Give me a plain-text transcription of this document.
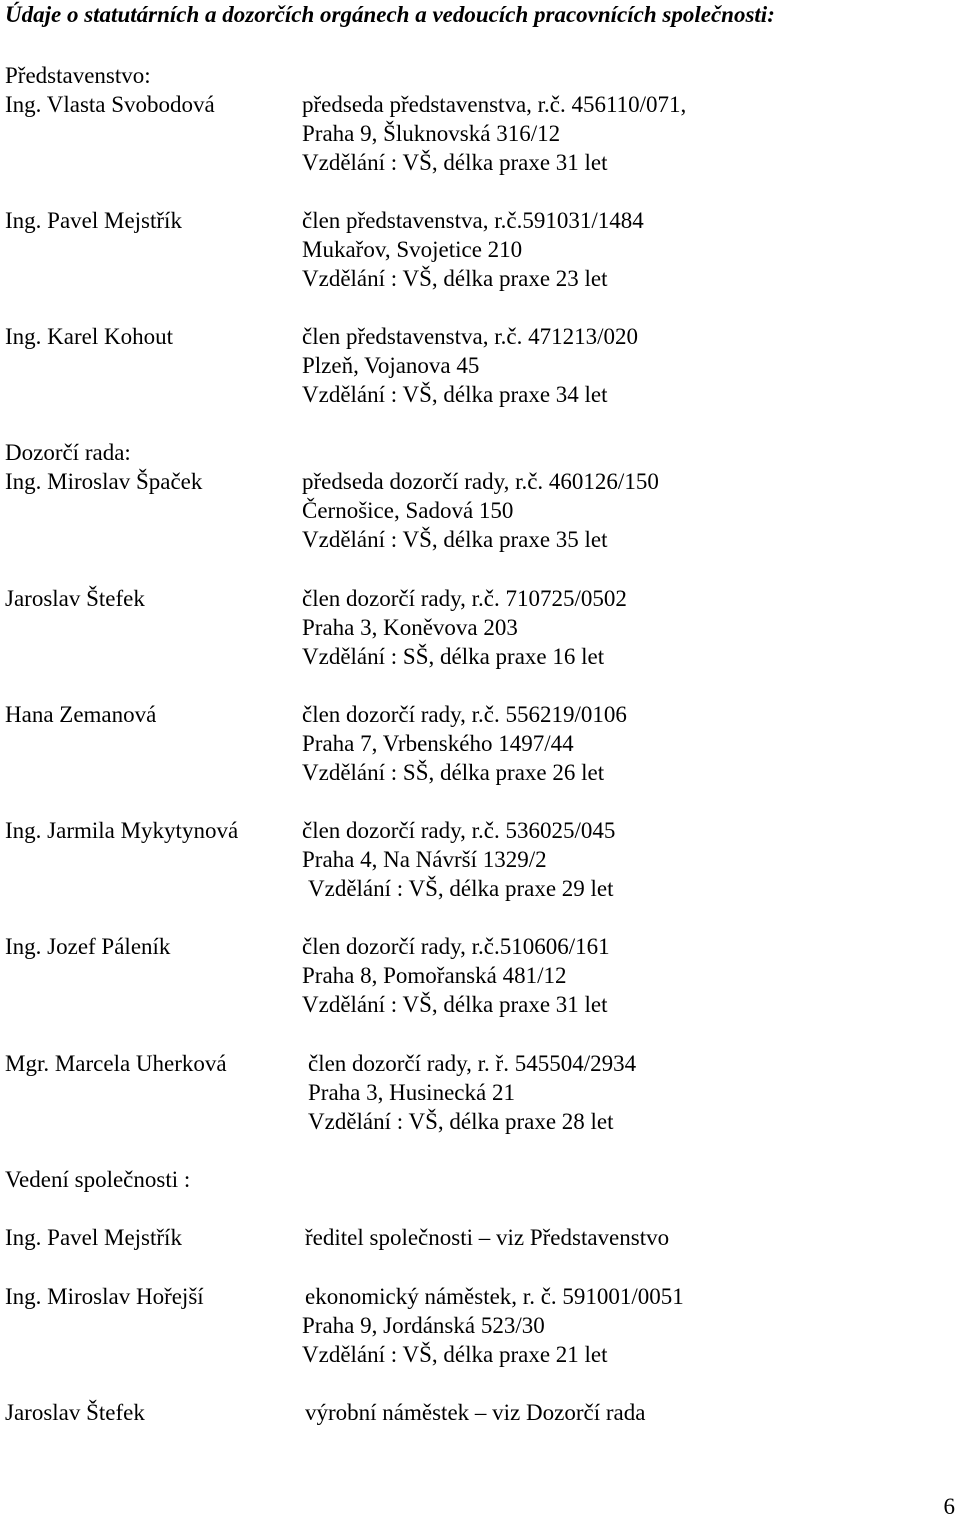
Údaje o statutárních a dozorčích orgánech a vedoucích pracovnících společnosti:
Představenstvo:
Ing. Vlasta Svobodová	předseda představenstva, r.č. 456110/071,
Praha 9, Šluknovská 316/12
Vzdělání : VŠ, délka praxe 31 let
Ing. Pavel Mejstřík	člen představenstva, r.č.591031/1484
Mukařov, Svojetice 210
Vzdělání : VŠ, délka praxe 23 let
Ing. Karel Kohout	člen představenstva, r.č. 471213/020
Plzeň, Vojanova 45
Vzdělání : VŠ, délka praxe 34 let
Dozorčí rada:
Ing. Miroslav Špaček	předseda dozorčí rady, r.č. 460126/150
Černošice, Sadová 150
Vzdělání : VŠ, délka praxe 35 let
Jaroslav Štefek	člen dozorčí rady, r.č. 710725/0502
Praha 3, Koněvova 203
Vzdělání : SŠ, délka praxe 16 let
Hana Zemanová	člen dozorčí rady, r.č. 556219/0106
Praha 7, Vrbenského 1497/44
Vzdělání : SŠ, délka praxe 26 let
Ing. Jarmila Mykytynová	člen dozorčí rady, r.č. 536025/045
Praha 4, Na Návrší 1329/2
Vzdělání : VŠ, délka praxe 29 let
Ing. Jozef Páleník	člen dozorčí rady, r.č.510606/161
Praha 8, Pomořanská 481/12
Vzdělání : VŠ, délka praxe 31 let
Mgr. Marcela Uherková	člen dozorčí rady, r. ř. 545504/2934
Praha 3, Husinecká 21
Vzdělání : VŠ, délka praxe 28 let
Vedení společnosti :
Ing. Pavel Mejstřík	ředitel společnosti – viz Představenstvo
Ing. Miroslav Hořejší	ekonomický náměstek, r. č. 591001/0051
Praha 9, Jordánská 523/30
Vzdělání : VŠ, délka praxe 21 let
Jaroslav Štefek	výrobní náměstek – viz Dozorčí rada
6
